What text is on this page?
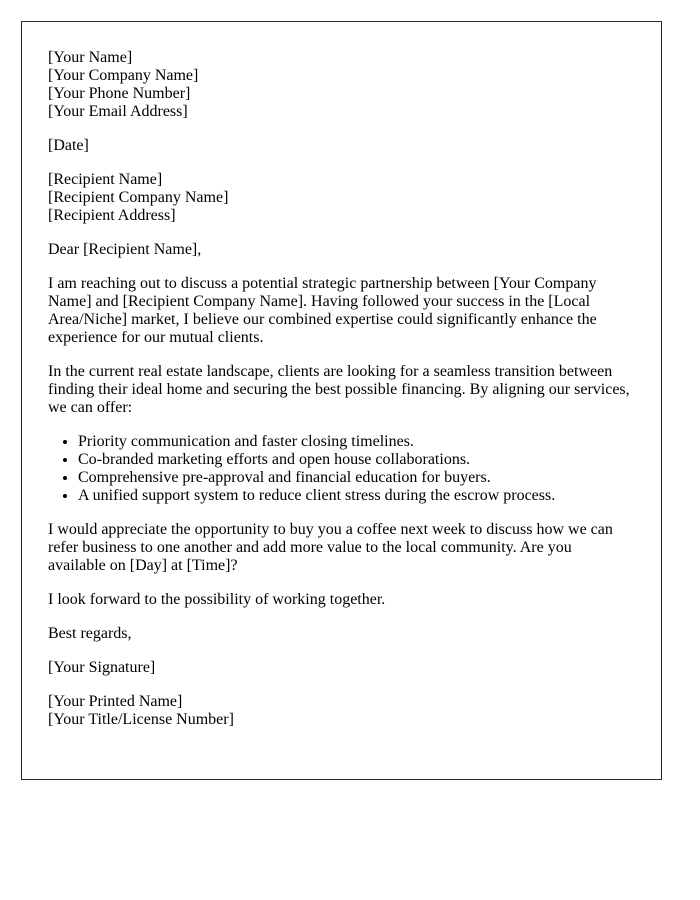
[Your Name]
[Your Company Name]
[Your Phone Number]
[Your Email Address]
[Date]
[Recipient Name]
[Recipient Company Name]
[Recipient Address]
Dear [Recipient Name],
I am reaching out to discuss a potential strategic partnership between [Your Company Name] and [Recipient Company Name]. Having followed your success in the [Local Area/Niche] market, I believe our combined expertise could significantly enhance the experience for our mutual clients.
In the current real estate landscape, clients are looking for a seamless transition between finding their ideal home and securing the best possible financing. By aligning our services, we can offer:
• Priority communication and faster closing timelines.
• Co-branded marketing efforts and open house collaborations.
• Comprehensive pre-approval and financial education for buyers.
• A unified support system to reduce client stress during the escrow process.
I would appreciate the opportunity to buy you a coffee next week to discuss how we can refer business to one another and add more value to the local community. Are you available on [Day] at [Time]?
I look forward to the possibility of working together.
Best regards,
[Your Signature]
[Your Printed Name]
[Your Title/License Number]
